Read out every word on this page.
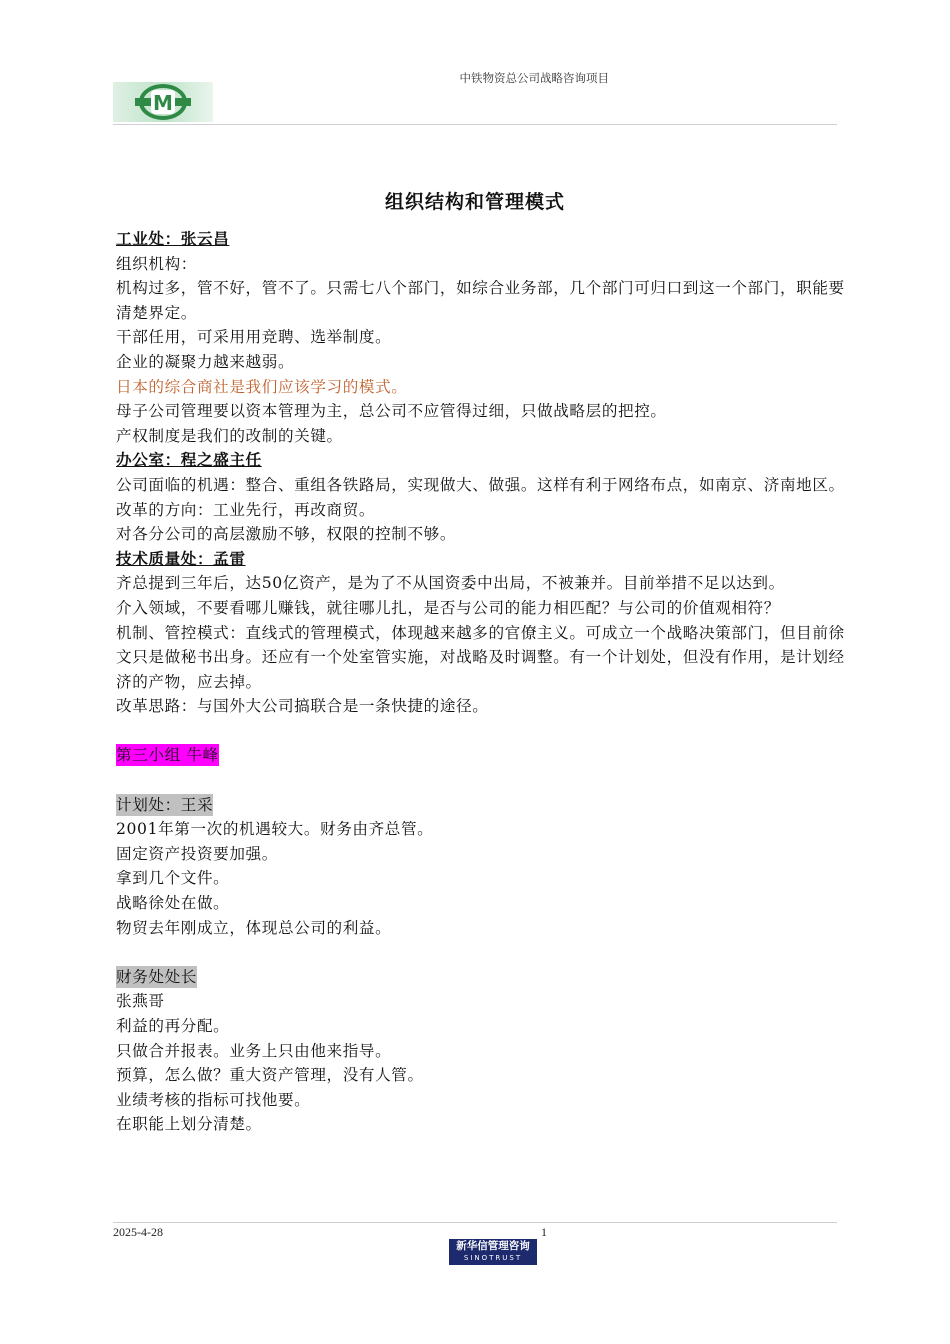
M
中铁物资总公司战略咨询项目
组织结构和管理模式

工业处：张云昌

组织机构：

机构过多，管不好，管不了。只需七八个部门，如综合业务部，几个部门可归口到这一个部门，职能要清楚界定。

干部任用，可采用用竞聘、选举制度。

企业的凝聚力越来越弱。

日本的综合商社是我们应该学习的模式。

母子公司管理要以资本管理为主，总公司不应管得过细，只做战略层的把控。

产权制度是我们的改制的关键。

办公室：程之盛主任

公司面临的机遇：整合、重组各铁路局，实现做大、做强。这样有利于网络布点，如南京、济南地区。

改革的方向：工业先行，再改商贸。

对各分公司的高层激励不够，权限的控制不够。

技术质量处：孟雷

齐总提到三年后，达50亿资产，是为了不从国资委中出局，不被兼并。目前举措不足以达到。

介入领域，不要看哪儿赚钱，就往哪儿扎，是否与公司的能力相匹配？与公司的价值观相符？

机制、管控模式：直线式的管理模式，体现越来越多的官僚主义。可成立一个战略决策部门，但目前徐文只是做秘书出身。还应有一个处室管实施，对战略及时调整。有一个计划处，但没有作用，是计划经济的产物，应去掉。

改革思路：与国外大公司搞联合是一条快捷的途径。

第三小组 牛峰

计划处：王采

2001年第一次的机遇较大。财务由齐总管。

固定资产投资要加强。

拿到几个文件。

战略徐处在做。

物贸去年刚成立，体现总公司的利益。

财务处处长

张燕哥

利益的再分配。

只做合并报表。业务上只由他来指导。

预算，怎么做？重大资产管理，没有人管。

业绩考核的指标可找他要。

在职能上划分清楚。

2025-4-28	1
新华信管理咨询
SINOTRUST
